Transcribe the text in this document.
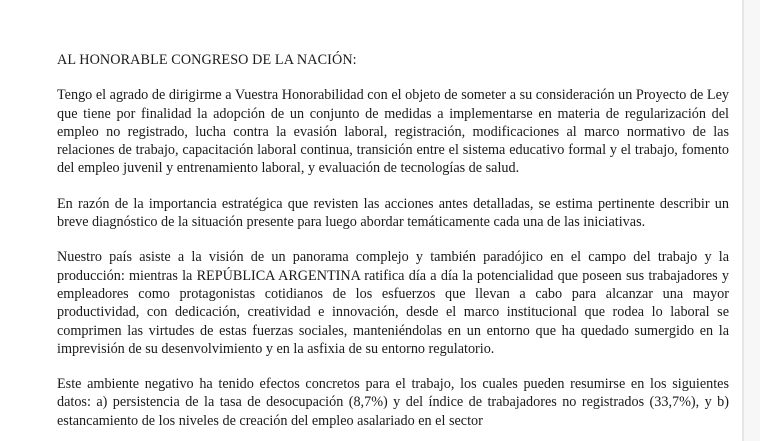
AL HONORABLE CONGRESO DE LA NACIÓN:

Tengo el agrado de dirigirme a Vuestra Honorabilidad con el objeto de someter a su consideración un Proyecto de Ley que tiene por finalidad la adopción de un conjunto de medidas a implementarse en materia de regularización del empleo no registrado, lucha contra la evasión laboral, registración, modificaciones al marco normativo de las relaciones de trabajo, capacitación laboral continua, transición entre el sistema educativo formal y el trabajo, fomento del empleo juvenil y entrenamiento laboral, y evaluación de tecnologías de salud.

En razón de la importancia estratégica que revisten las acciones antes detalladas, se estima pertinente describir un breve diagnóstico de la situación presente para luego abordar temáticamente cada una de las iniciativas.

Nuestro país asiste a la visión de un panorama complejo y también paradójico en el campo del trabajo y la producción: mientras la REPÚBLICA ARGENTINA ratifica día a día la potencialidad que poseen sus trabajadores y empleadores como protagonistas cotidianos de los esfuerzos que llevan a cabo para alcanzar una mayor productividad, con dedicación, creatividad e innovación, desde el marco institucional que rodea lo laboral se comprimen las virtudes de estas fuerzas sociales, manteniéndolas en un entorno que ha quedado sumergido en la imprevisión de su desenvolvimiento y en la asfixia de su entorno regulatorio.

Este ambiente negativo ha tenido efectos concretos para el trabajo, los cuales pueden resumirse en los siguientes datos: a) persistencia de la tasa de desocupación (8,7%) y del índice de trabajadores no registrados (33,7%), y b) estancamiento de los niveles de creación del empleo asalariado en el sector
